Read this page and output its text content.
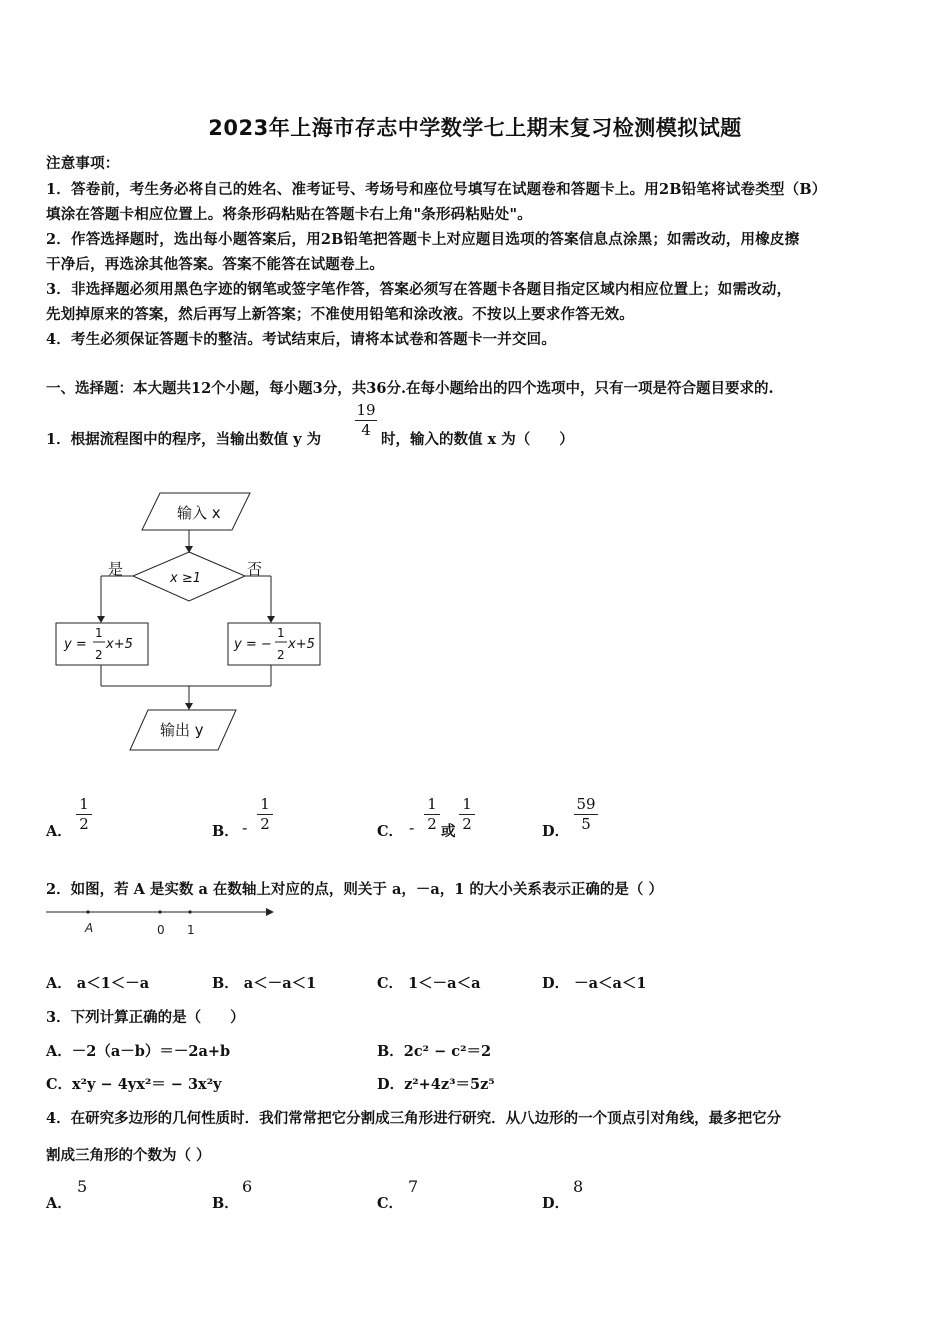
2023年上海市存志中学数学七上期末复习检测模拟试题
注意事项：
1．答卷前，考生务必将自己的姓名、准考证号、考场号和座位号填写在试题卷和答题卡上。用2B铅笔将试卷类型（B）
填涂在答题卡相应位置上。将条形码粘贴在答题卡右上角"条形码粘贴处"。
2．作答选择题时，选出每小题答案后，用2B铅笔把答题卡上对应题目选项的答案信息点涂黑；如需改动，用橡皮擦
干净后，再选涂其他答案。答案不能答在试题卷上。
3．非选择题必须用黑色字迹的钢笔或签字笔作答，答案必须写在答题卡各题目指定区域内相应位置上；如需改动，
先划掉原来的答案，然后再写上新答案；不准使用铅笔和涂改液。不按以上要求作答无效。
4．考生必须保证答题卡的整洁。考试结束后，请将本试卷和答题卡一并交回。
一、选择题：本大题共12个小题，每小题3分，共36分.在每小题给出的四个选项中，只有一项是符合题目要求的.
1．根据流程图中的程序，当输出数值 y 为
19
4
时，输入的数值 x 为（　　）
输入 x
x ≥1
是	否
y =
1
2
x+5	y = −
1
2
x+5
输出 y
A．
1
2	B． -
1
2	C． -
1
2 或
1
2	D．
59
5
2．如图，若 A 是实数 a 在数轴上对应的点，则关于 a，－a，1 的大小关系表示正确的是（ ）
A	0 1
A． a＜1＜－a	B． a＜－a＜1	C． 1＜－a＜a	D． －a＜a＜1
3．下列计算正确的是（　　）
A．－2（a－b）＝－2a+b	B．2c² − c²＝2
C．x²y − 4yx²＝ − 3x²y	D．z²+4z³＝5z⁵
4．在研究多边形的几何性质时．我们常常把它分割成三角形进行研究．从八边形的一个顶点引对角线，最多把它分
割成三角形的个数为（ ）
A．
5
B．
6
C．
7
D．
8
